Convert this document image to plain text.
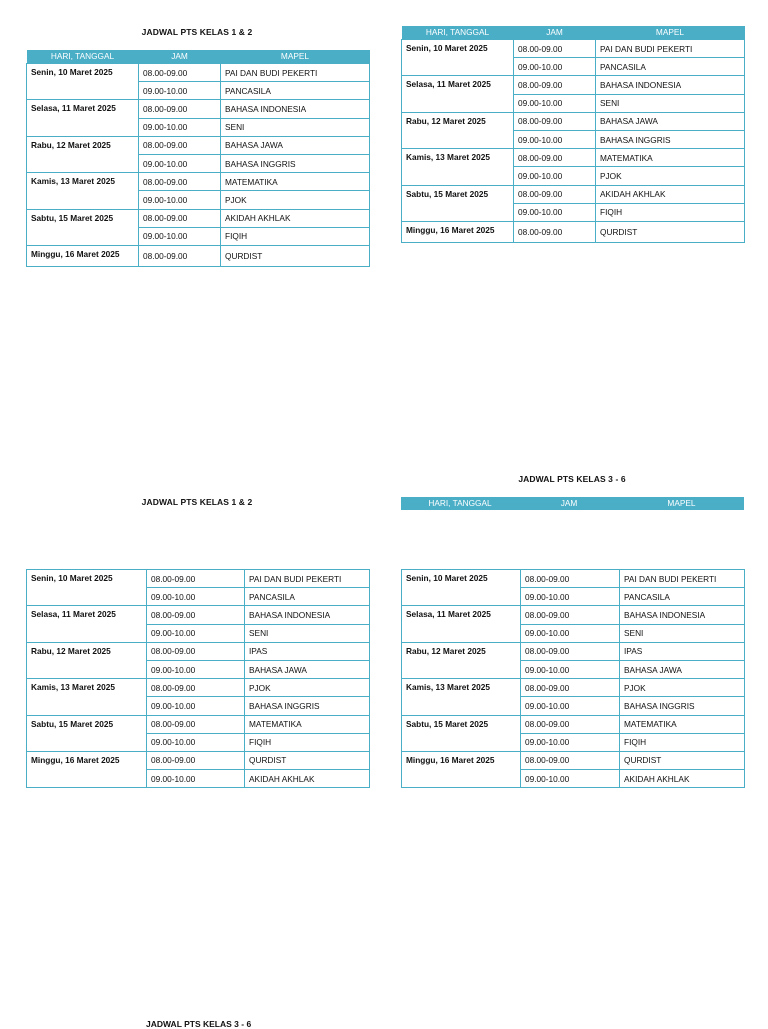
JADWAL PTS KELAS 1 & 2
HARI, TANGGAL	JAM	MAPEL
Senin, 10 Maret 2025	08.00-09.00	PAI DAN BUDI PEKERTI
	09.00-10.00	PANCASILA
Selasa, 11 Maret 2025	08.00-09.00	BAHASA INDONESIA
	09.00-10.00	SENI
Rabu, 12 Maret 2025	08.00-09.00	BAHASA JAWA
	09.00-10.00	BAHASA INGGRIS
Kamis, 13 Maret 2025	08.00-09.00	MATEMATIKA
	09.00-10.00	PJOK
Sabtu, 15 Maret 2025	08.00-09.00	AKIDAH AKHLAK
	09.00-10.00	FIQIH
Minggu, 16 Maret 2025	08.00-09.00	QURDIST
HARI, TANGGAL	JAM	MAPEL
Senin, 10 Maret 2025	08.00-09.00	PAI DAN BUDI PEKERTI
	09.00-10.00	PANCASILA
Selasa, 11 Maret 2025	08.00-09.00	BAHASA INDONESIA
	09.00-10.00	SENI
Rabu, 12 Maret 2025	08.00-09.00	BAHASA JAWA
	09.00-10.00	BAHASA INGGRIS
Kamis, 13 Maret 2025	08.00-09.00	MATEMATIKA
	09.00-10.00	PJOK
Sabtu, 15 Maret 2025	08.00-09.00	AKIDAH AKHLAK
	09.00-10.00	FIQIH
Minggu, 16 Maret 2025	08.00-09.00	QURDIST
JADWAL PTS KELAS 3 - 6
HARI, TANGGAL	JAM	MAPEL
JADWAL PTS KELAS 1 & 2
Senin, 10 Maret 2025	08.00-09.00	PAI DAN BUDI PEKERTI
	09.00-10.00	PANCASILA
Selasa, 11 Maret 2025	08.00-09.00	BAHASA INDONESIA
	09.00-10.00	SENI
Rabu, 12 Maret 2025	08.00-09.00	IPAS
	09.00-10.00	BAHASA JAWA
Kamis, 13 Maret 2025	08.00-09.00	PJOK
	09.00-10.00	BAHASA INGGRIS
Sabtu, 15 Maret 2025	08.00-09.00	MATEMATIKA
	09.00-10.00	FIQIH
Minggu, 16 Maret 2025	08.00-09.00	QURDIST
	09.00-10.00	AKIDAH AKHLAK
Senin, 10 Maret 2025	08.00-09.00	PAI DAN BUDI PEKERTI
	09.00-10.00	PANCASILA
Selasa, 11 Maret 2025	08.00-09.00	BAHASA INDONESIA
	09.00-10.00	SENI
Rabu, 12 Maret 2025	08.00-09.00	IPAS
	09.00-10.00	BAHASA JAWA
Kamis, 13 Maret 2025	08.00-09.00	PJOK
	09.00-10.00	BAHASA INGGRIS
Sabtu, 15 Maret 2025	08.00-09.00	MATEMATIKA
	09.00-10.00	FIQIH
Minggu, 16 Maret 2025	08.00-09.00	QURDIST
	09.00-10.00	AKIDAH AKHLAK
JADWAL PTS KELAS 3 - 6
